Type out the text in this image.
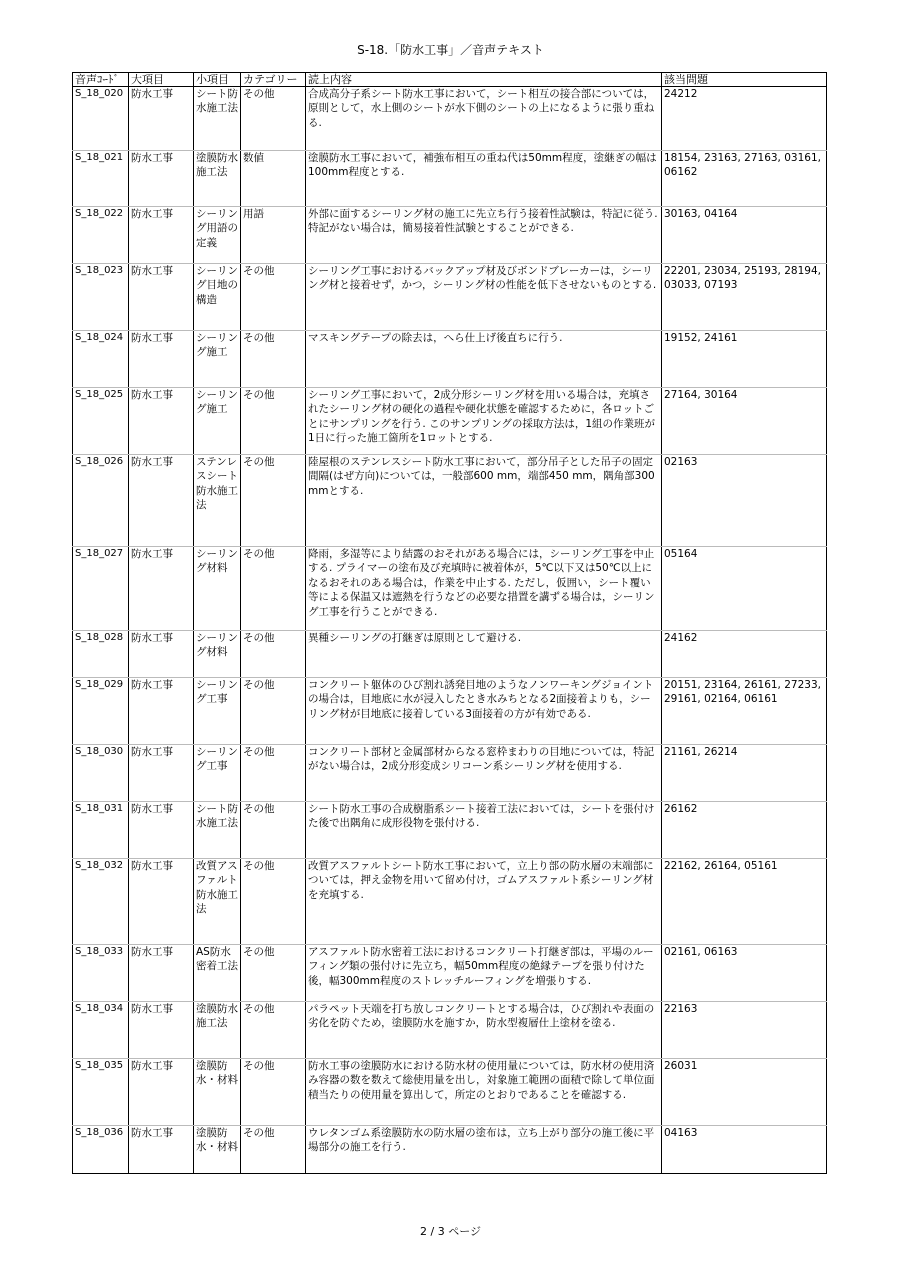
S-18.「防水工事」／音声テキスト
音声ｺｰﾄﾞ	大項目	小項目	カテゴリー	読上内容	該当問題
S_18_020	防水工事	シート防水施工法	その他	合成高分子系シート防水工事において，シート相互の接合部については，原則として，水上側のシートが水下側のシートの上になるように張り重ねる.	24212
S_18_021	防水工事	塗膜防水施工法	数値	塗膜防水工事において，補強布相互の重ね代は50mm程度，塗継ぎの幅は100mm程度とする.	18154, 23163, 27163, 03161, 06162
S_18_022	防水工事	シーリング用語の定義	用語	外部に面するシーリング材の施工に先立ち行う接着性試験は，特記に従う. 特記がない場合は，簡易接着性試験とすることができる.	30163, 04164
S_18_023	防水工事	シーリング目地の構造	その他	シーリング工事におけるバックアップ材及びボンドブレーカーは，シーリング材と接着せず，かつ，シーリング材の性能を低下させないものとする.	22201, 23034, 25193, 28194, 03033, 07193
S_18_024	防水工事	シーリング施工	その他	マスキングテープの除去は，へら仕上げ後直ちに行う.	19152, 24161
S_18_025	防水工事	シーリング施工	その他	シーリング工事において，2成分形シーリング材を用いる場合は，充填されたシーリング材の硬化の過程や硬化状態を確認するために，各ロットごとにサンプリングを行う. このサンプリングの採取方法は，1組の作業班が1日に行った施工箇所を1ロットとする.	27164, 30164
S_18_026	防水工事	ステンレスシート防水施工法	その他	陸屋根のステンレスシート防水工事において，部分吊子とした吊子の固定間隔(はぜ方向)については，一般部600 mm，端部450 mm，隅角部300 mmとする.	02163
S_18_027	防水工事	シーリング材料	その他	降雨，多湿等により結露のおそれがある場合には，シーリング工事を中止する. プライマーの塗布及び充填時に被着体が，5℃以下又は50℃以上になるおそれのある場合は，作業を中止する. ただし，仮囲い，シート覆い等による保温又は遮熱を行うなどの必要な措置を講ずる場合は，シーリング工事を行うことができる.	05164
S_18_028	防水工事	シーリング材料	その他	異種シーリングの打継ぎは原則として避ける.	24162
S_18_029	防水工事	シーリング工事	その他	コンクリート躯体のひび割れ誘発目地のようなノンワーキングジョイントの場合は，目地底に水が浸入したとき水みちとなる2面接着よりも，シーリング材が目地底に接着している3面接着の方が有効である.	20151, 23164, 26161, 27233, 29161, 02164, 06161
S_18_030	防水工事	シーリング工事	その他	コンクリート部材と金属部材からなる窓枠まわりの目地については，特記がない場合は，2成分形変成シリコーン系シーリング材を使用する.	21161, 26214
S_18_031	防水工事	シート防水施工法	その他	シート防水工事の合成樹脂系シート接着工法においては，シートを張付けた後で出隅角に成形役物を張付ける.	26162
S_18_032	防水工事	改質アスファルト防水施工法	その他	改質アスファルトシート防水工事において，立上り部の防水層の末端部については，押え金物を用いて留め付け，ゴムアスファルト系シーリング材を充填する.	22162, 26164, 05161
S_18_033	防水工事	AS防水密着工法	その他	アスファルト防水密着工法におけるコンクリート打継ぎ部は，平場のルーフィング類の張付けに先立ち，幅50mm程度の絶縁テープを張り付けた後，幅300mm程度のストレッチルーフィングを増張りする.	02161, 06163
S_18_034	防水工事	塗膜防水施工法	その他	パラペット天端を打ち放しコンクリートとする場合は，ひび割れや表面の劣化を防ぐため，塗膜防水を施すか，防水型複層仕上塗材を塗る.	22163
S_18_035	防水工事	塗膜防水・材料	その他	防水工事の塗膜防水における防水材の使用量については，防水材の使用済み容器の数を数えて総使用量を出し，対象施工範囲の面積で除して単位面積当たりの使用量を算出して，所定のとおりであることを確認する.	26031
S_18_036	防水工事	塗膜防水・材料	その他	ウレタンゴム系塗膜防水の防水層の塗布は，立ち上がり部分の施工後に平場部分の施工を行う.	04163
2 / 3 ページ
